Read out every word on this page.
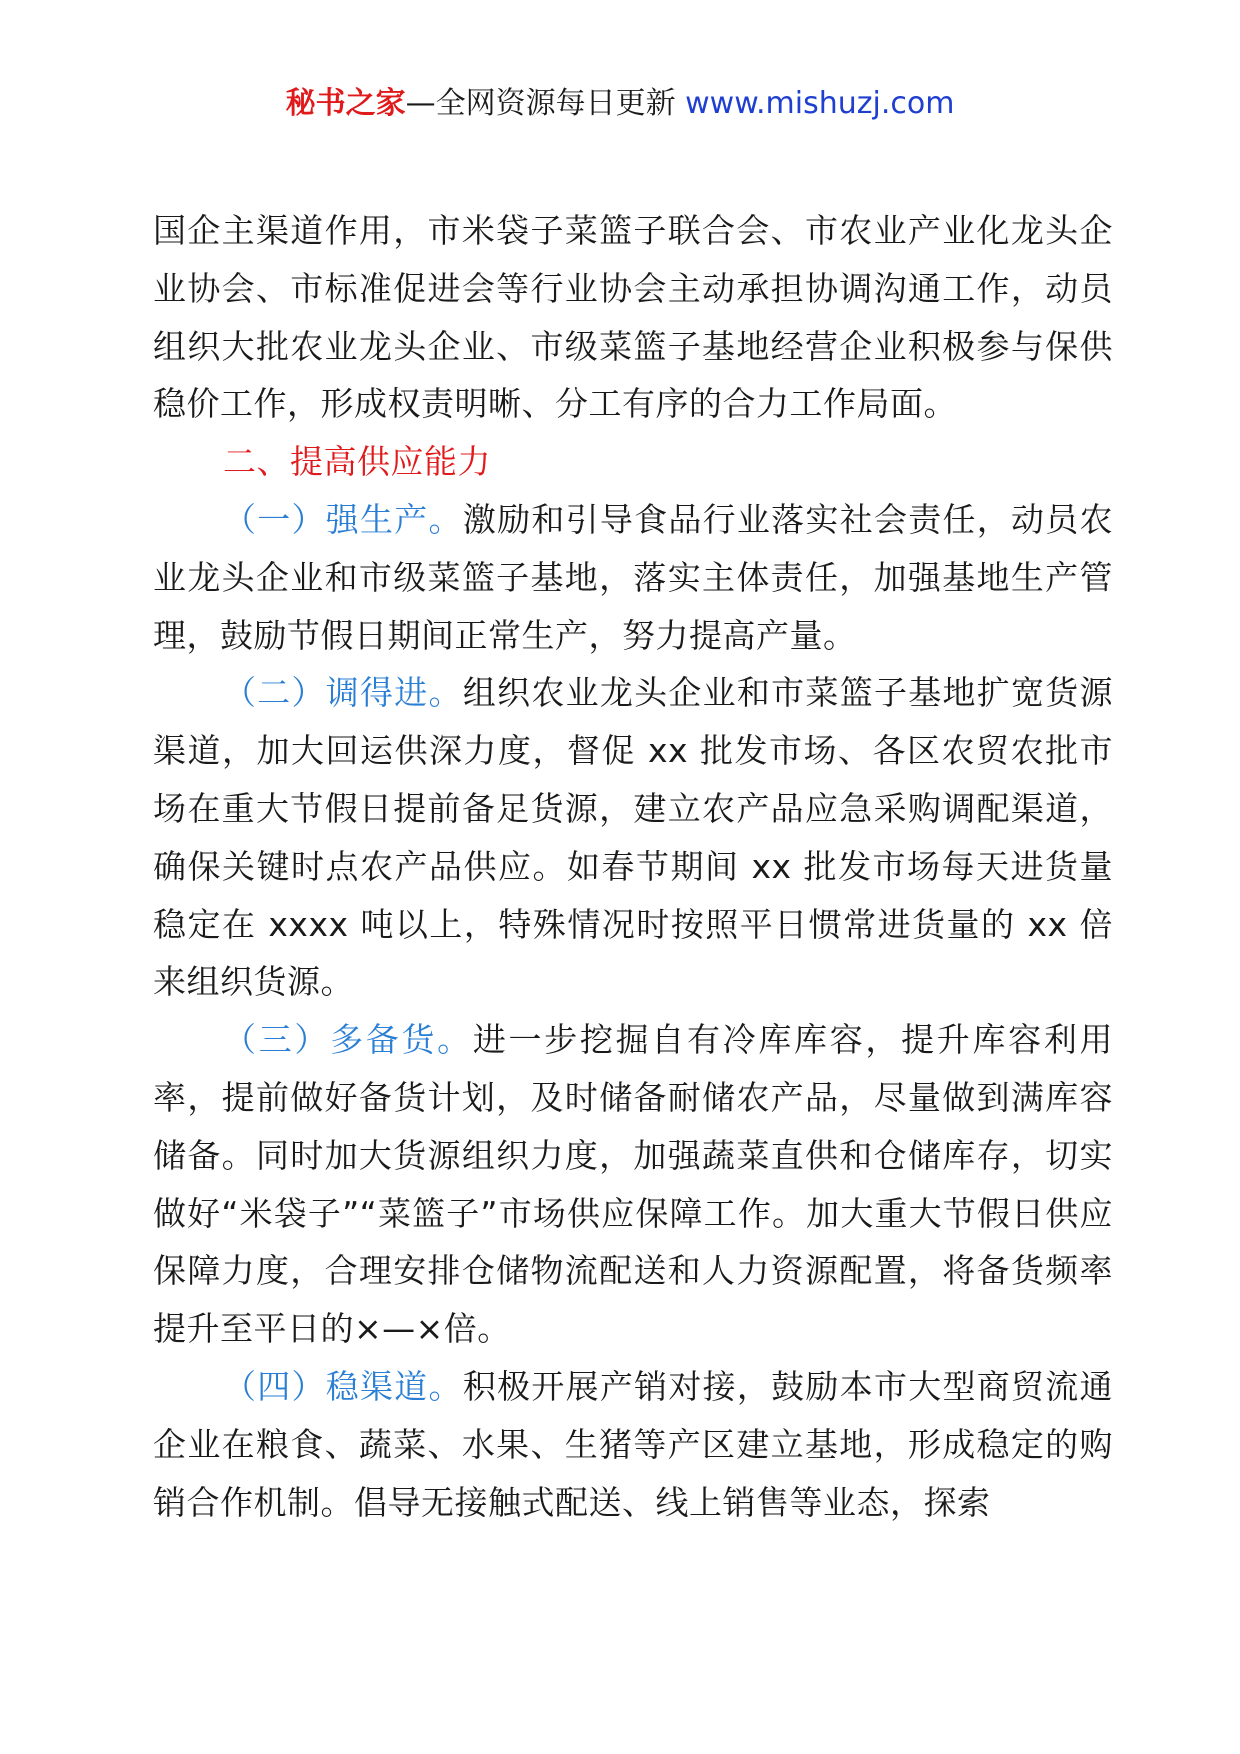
秘书之家—全网资源每日更新 www.mishuzj.com

国企主渠道作用，市米袋子菜篮子联合会、市农业产业化龙头企业协会、市标准促进会等行业协会主动承担协调沟通工作，动员组织大批农业龙头企业、市级菜篮子基地经营企业积极参与保供稳价工作，形成权责明晰、分工有序的合力工作局面。

二、提高供应能力

（一）强生产。激励和引导食品行业落实社会责任，动员农业龙头企业和市级菜篮子基地，落实主体责任，加强基地生产管理，鼓励节假日期间正常生产，努力提高产量。

（二）调得进。组织农业龙头企业和市菜篮子基地扩宽货源渠道，加大回运供深力度，督促 xx 批发市场、各区农贸农批市场在重大节假日提前备足货源，建立农产品应急采购调配渠道，确保关键时点农产品供应。如春节期间 xx 批发市场每天进货量稳定在 xxxx 吨以上，特殊情况时按照平日惯常进货量的 xx 倍来组织货源。

（三）多备货。进一步挖掘自有冷库库容，提升库容利用率，提前做好备货计划，及时储备耐储农产品，尽量做到满库容储备。同时加大货源组织力度，加强蔬菜直供和仓储库存，切实做好“米袋子”“菜篮子”市场供应保障工作。加大重大节假日供应保障力度，合理安排仓储物流配送和人力资源配置，将备货频率提升至平日的×—×倍。

（四）稳渠道。积极开展产销对接，鼓励本市大型商贸流通企业在粮食、蔬菜、水果、生猪等产区建立基地，形成稳定的购销合作机制。倡导无接触式配送、线上销售等业态，探索
